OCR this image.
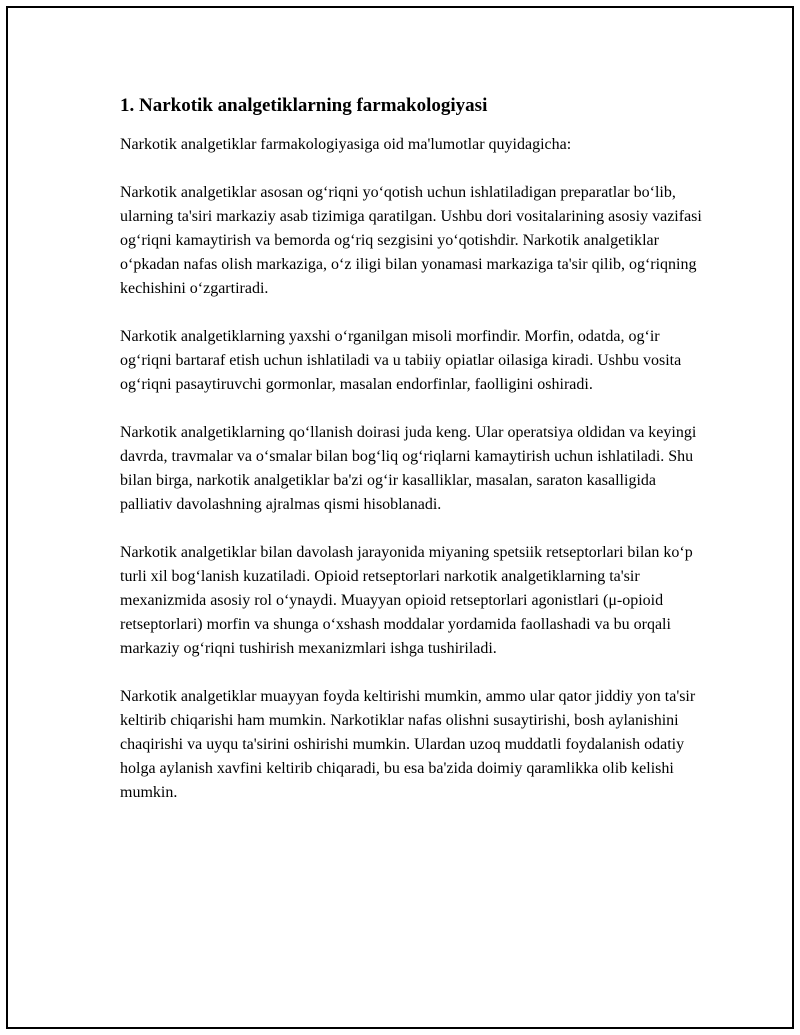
1. Narkotik analgetiklarning farmakologiyasi

Narkotik analgetiklar farmakologiyasiga oid ma'lumotlar quyidagicha:

Narkotik analgetiklar asosan og‘riqni yo‘qotish uchun ishlatiladigan preparatlar bo‘lib, ularning ta'siri markaziy asab tizimiga qaratilgan. Ushbu dori vositalarining asosiy vazifasi og‘riqni kamaytirish va bemorda og‘riq sezgisini yo‘qotishdir. Narkotik analgetiklar o‘pkadan nafas olish markaziga, o‘z iligi bilan yonamasi markaziga ta'sir qilib, og‘riqning kechishini o‘zgartiradi.

Narkotik analgetiklarning yaxshi o‘rganilgan misoli morfindir. Morfin, odatda, og‘ir og‘riqni bartaraf etish uchun ishlatiladi va u tabiiy opiatlar oilasiga kiradi. Ushbu vosita og‘riqni pasaytiruvchi gormonlar, masalan endorfinlar, faolligini oshiradi.

Narkotik analgetiklarning qo‘llanish doirasi juda keng. Ular operatsiya oldidan va keyingi davrda, travmalar va o‘smalar bilan bog‘liq og‘riqlarni kamaytirish uchun ishlatiladi. Shu bilan birga, narkotik analgetiklar ba'zi og‘ir kasalliklar, masalan, saraton kasalligida palliativ davolashning ajralmas qismi hisoblanadi.

Narkotik analgetiklar bilan davolash jarayonida miyaning spetsiik retseptorlari bilan ko‘p turli xil bog‘lanish kuzatiladi. Opioid retseptorlari narkotik analgetiklarning ta'sir mexanizmida asosiy rol o‘ynaydi. Muayyan opioid retseptorlari agonistlari (μ-opioid retseptorlari) morfin va shunga o‘xshash moddalar yordamida faollashadi va bu orqali markaziy og‘riqni tushirish mexanizmlari ishga tushiriladi.

Narkotik analgetiklar muayyan foyda keltirishi mumkin, ammo ular qator jiddiy yon ta'sir keltirib chiqarishi ham mumkin. Narkotiklar nafas olishni susaytirishi, bosh aylanishini chaqirishi va uyqu ta'sirini oshirishi mumkin. Ulardan uzoq muddatli foydalanish odatiy holga aylanish xavfini keltirib chiqaradi, bu esa ba'zida doimiy qaramlikka olib kelishi mumkin.
